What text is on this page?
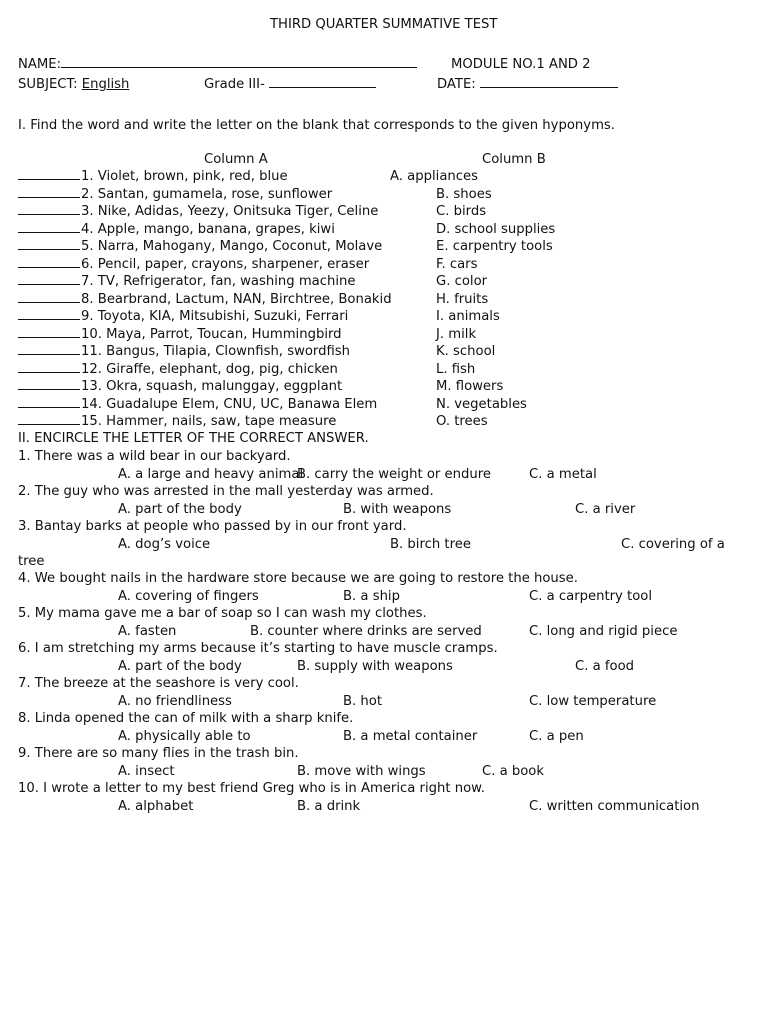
THIRD QUARTER SUMMATIVE TEST
NAME:	MODULE NO.1 AND 2
SUBJECT: English	Grade III-	DATE:
I. Find the word and write the letter on the blank that corresponds to the given hyponyms.
Column A	Column B
1. Violet, brown, pink, red, blue	A. appliances
2. Santan, gumamela, rose, sunflower	B. shoes
3. Nike, Adidas, Yeezy, Onitsuka Tiger, Celine	C. birds
4. Apple, mango, banana, grapes, kiwi	D. school supplies
5. Narra, Mahogany, Mango, Coconut, Molave	E. carpentry tools
6. Pencil, paper, crayons, sharpener, eraser	F. cars
7. TV, Refrigerator, fan, washing machine	G. color
8. Bearbrand, Lactum, NAN, Birchtree, Bonakid	H. fruits
9. Toyota, KIA, Mitsubishi, Suzuki, Ferrari	I. animals
10. Maya, Parrot, Toucan, Hummingbird	J. milk
11. Bangus, Tilapia, Clownfish, swordfish	K. school
12. Giraffe, elephant, dog, pig, chicken	L. fish
13. Okra, squash, malunggay, eggplant	M. flowers
14. Guadalupe Elem, CNU, UC, Banawa Elem	N. vegetables
15. Hammer, nails, saw, tape measure	O. trees
II. ENCIRCLE THE LETTER OF THE CORRECT ANSWER.
1. There was a wild bear in our backyard.
A. a large and heavy animal
B. carry the weight or endure	C. a metal
2. The guy who was arrested in the mall yesterday was armed.
A. part of the body	B. with weapons	C. a river
3. Bantay barks at people who passed by in our front yard.
A. dog’s voice	B. birch tree	C. covering of a
tree
4. We bought nails in the hardware store because we are going to restore the house.
A. covering of fingers	B. a ship	C. a carpentry tool
5. My mama gave me a bar of soap so I can wash my clothes.
A. fasten	B. counter where drinks are served	C. long and rigid piece
6. I am stretching my arms because it’s starting to have muscle cramps.
A. part of the body	B. supply with weapons	C. a food
7. The breeze at the seashore is very cool.
A. no friendliness	B. hot	C. low temperature
8. Linda opened the can of milk with a sharp knife.
A. physically able to	B. a metal container	C. a pen
9. There are so many flies in the trash bin.
A. insect	B. move with wings	C. a book
10. I wrote a letter to my best friend Greg who is in America right now.
A. alphabet	B. a drink	C. written communication
